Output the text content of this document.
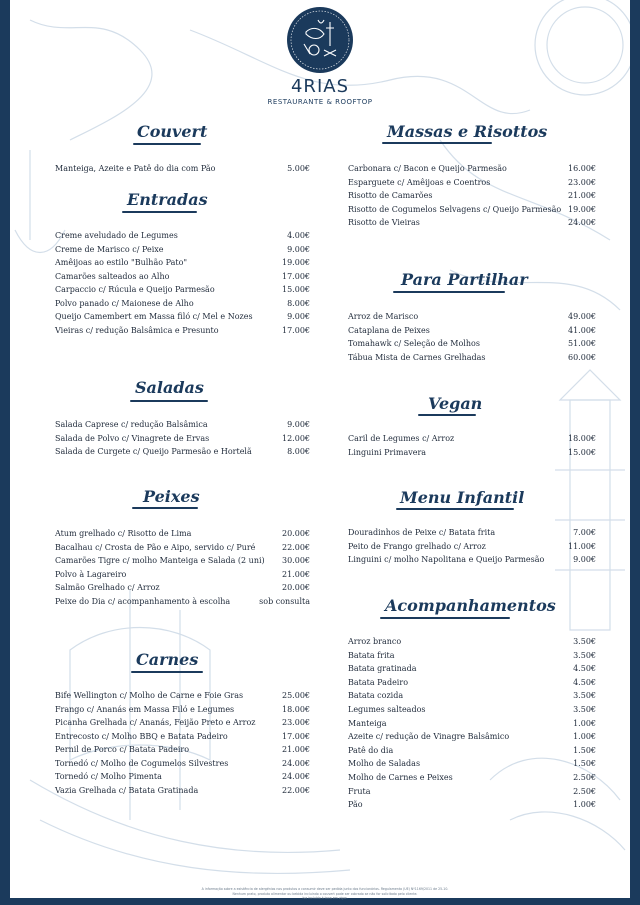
4RIAS
RESTAURANTE & ROOFTOP
Couvert
Manteiga, Azeite e Patê do dia com Pão	5.00€
Entradas
Creme aveludado de Legumes	4.00€
Creme de Marisco c/ Peixe	9.00€
Amêijoas ao estilo "Bulhão Pato"	19.00€
Camarões salteados ao Alho	17.00€
Carpaccio c/ Rúcula e Queijo Parmesão	15.00€
Polvo panado c/ Maionese de Alho	8.00€
Queijo Camembert em Massa filó c/ Mel e Nozes	9.00€
Vieiras c/ redução Balsâmica e Presunto	17.00€
Saladas
Salada Caprese c/ redução Balsâmica	9.00€
Salada de Polvo c/ Vinagrete de Ervas	12.00€
Salada de Curgete c/ Queijo Parmesão e Hortelã	8.00€
Peixes
Atum grelhado c/ Risotto de Lima	20.00€
Bacalhau c/ Crosta de Pão e Aipo, servido c/ Puré	22.00€
Camarões Tigre c/ molho Manteiga e Salada (2 uni) 30.00€
Polvo à Lagareiro	21.00€
Salmão Grelhado c/ Arroz	20.00€
Peixe do Dia c/ acompanhamento à escolha	sob consulta
Carnes
Bife Wellington c/ Molho de Carne e Foie Gras	25.00€
Frango c/ Ananás em Massa Filó e Legumes	18.00€
Picanha Grelhada c/ Ananás, Feijão Preto e Arroz	23.00€
Entrecosto c/ Molho BBQ e Batata Padeiro	17.00€
Pernil de Porco c/ Batata Padeiro	21.00€
Tornedó c/ Molho de Cogumelos Silvestres	24.00€
Tornedó c/ Molho Pimenta	24.00€
Vazia Grelhada c/ Batata Gratinada	22.00€
Massas e Risottos
Carbonara c/ Bacon e Queijo Parmesão	16.00€
Esparguete c/ Amêijoas e Coentros	23.00€
Risotto de Camarões	21.00€
Risotto de Cogumelos Selvagens c/ Queijo Parmesão 19.00€
Risotto de Vieiras	24.00€
Para Partilhar
Arroz de Marisco	49.00€
Cataplana de Peixes	41.00€
Tomahawk c/ Seleção de Molhos	51.00€
Tábua Mista de Carnes Grelhadas	60.00€
Vegan
Caril de Legumes c/ Arroz	18.00€
Linguini Primavera	15.00€
Menu Infantil
Douradinhos de Peixe c/ Batata frita	7.00€
Peito de Frango grelhado c/ Arroz	11.00€
Linguini c/ molho Napolitana e Queijo Parmesão	9.00€
Acompanhamentos
Arroz branco	3.50€
Batata frita	3.50€
Batata gratinada	4.50€
Batata Padeiro	4.50€
Batata cozida	3.50€
Legumes salteados	3.50€
Manteiga	1.00€
Azeite c/ redução de Vinagre Balsâmico	1.00€
Patê do dia	1.50€
Molho de Saladas	1.50€
Molho de Carnes e Peixes	2.50€
Fruta	2.50€
Pão	1.00€
A informação sobre a existência de alergénios nos produtos a consumir deve ser pedida junto dos funcionários. Regulamento (UE) Nº1169/2011 de 25-10.
Nenhum prato, produto alimentar ou bebida incluindo o couvert pode ser cobrado se não for solicitado pelo cliente.
Iva incluído à taxa em vigor.
